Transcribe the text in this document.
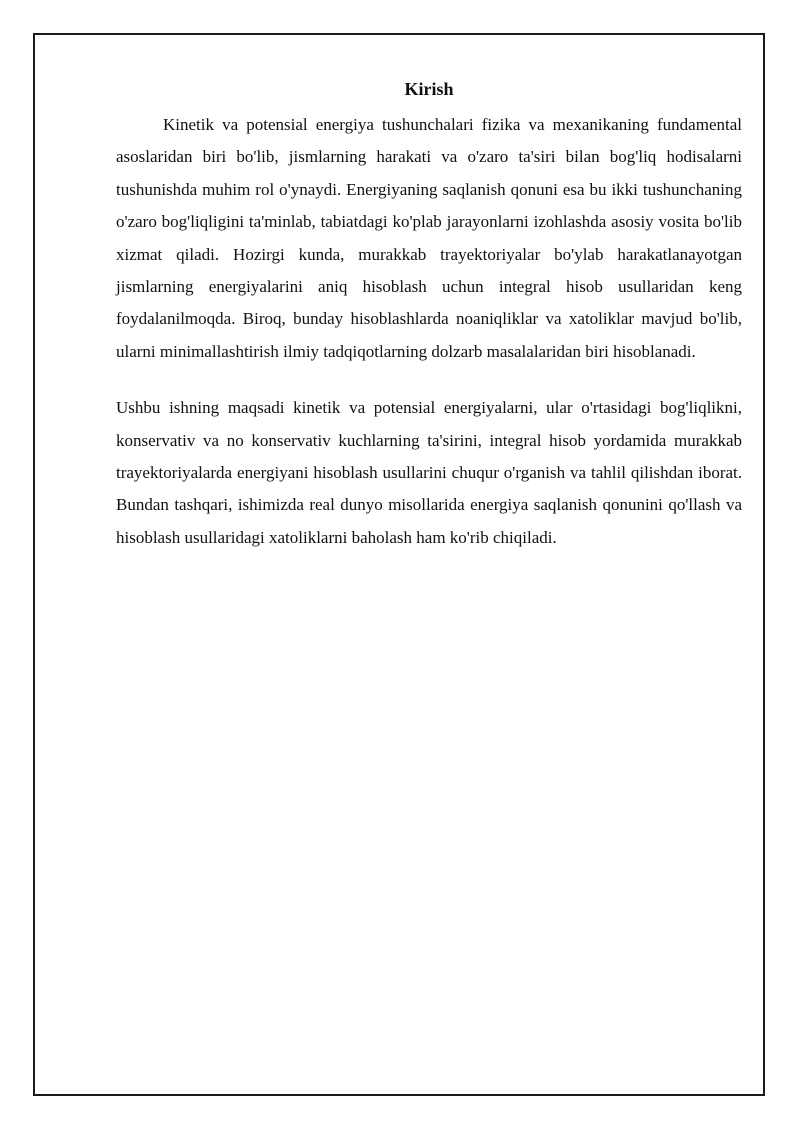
Kirish

Kinetik va potensial energiya tushunchalari fizika va mexanikaning fundamental asoslaridan biri bo'lib, jismlarning harakati va o'zaro ta'siri bilan bog'liq hodisalarni tushunishda muhim rol o'ynaydi. Energiyaning saqlanish qonuni esa bu ikki tushunchaning o'zaro bog'liqligini ta'minlab, tabiatdagi ko'plab jarayonlarni izohlashda asosiy vosita bo'lib xizmat qiladi. Hozirgi kunda, murakkab trayektoriyalar bo'ylab harakatlanayotgan jismlarning energiyalarini aniq hisoblash uchun integral hisob usullaridan keng foydalanilmoqda. Biroq, bunday hisoblashlarda noaniqliklar va xatoliklar mavjud bo'lib, ularni minimallashtirish ilmiy tadqiqotlarning dolzarb masalalaridan biri hisoblanadi.

Ushbu ishning maqsadi kinetik va potensial energiyalarni, ular o'rtasidagi bog'liqlikni, konservativ va no konservativ kuchlarning ta'sirini, integral hisob yordamida murakkab trayektoriyalarda energiyani hisoblash usullarini chuqur o'rganish va tahlil qilishdan iborat. Bundan tashqari, ishimizda real dunyo misollarida energiya saqlanish qonunini qo'llash va hisoblash usullaridagi xatoliklarni baholash ham ko'rib chiqiladi.
